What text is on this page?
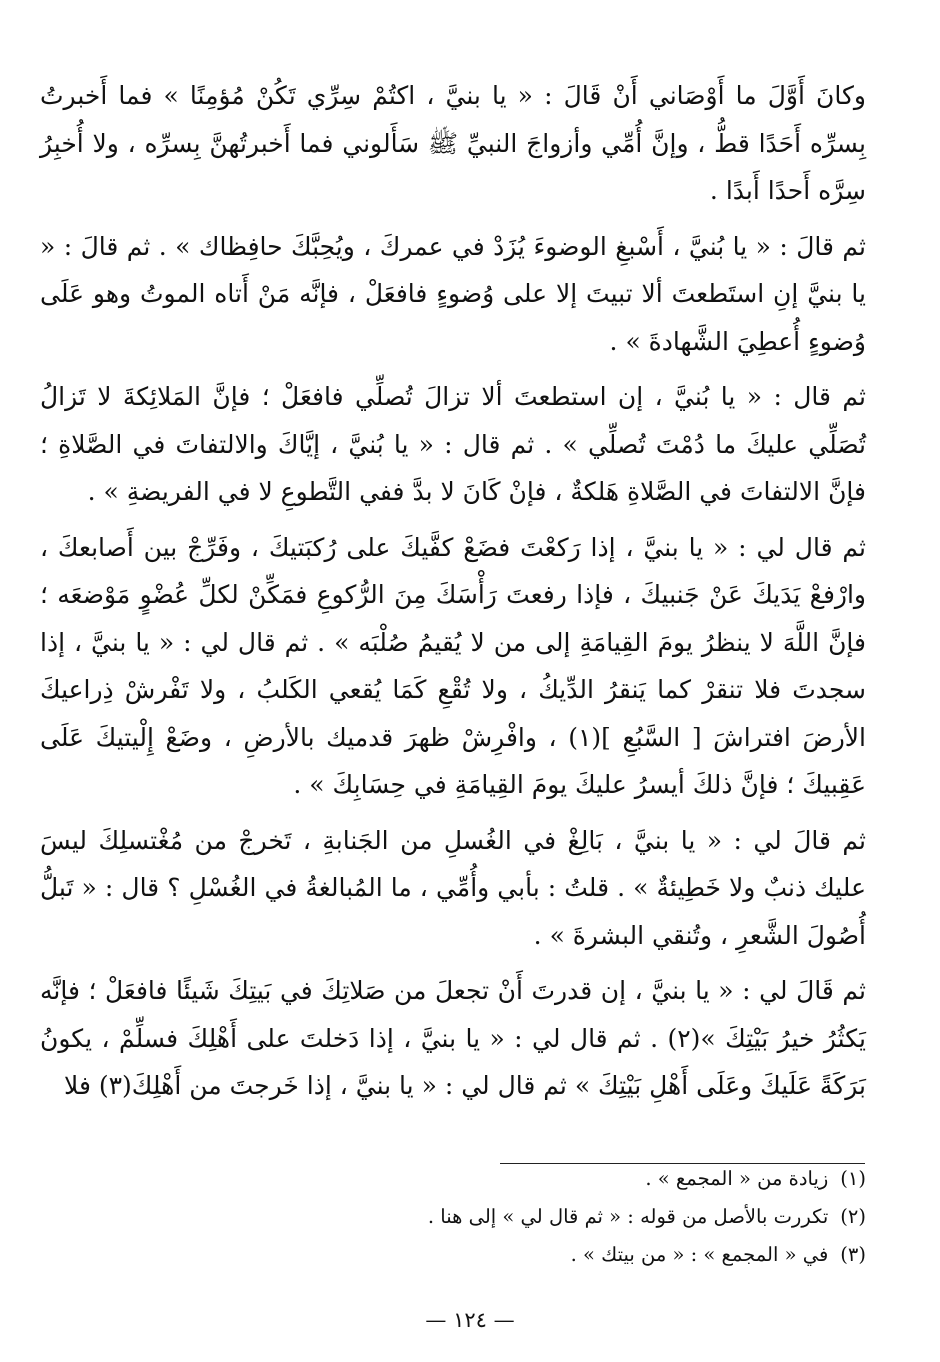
وكانَ أَوَّلَ ما أَوْصَاني أَنْ قَالَ : « يا بنيَّ ، اكتُمْ سِرِّي تَكُنْ مُؤمِنًا » فما أَخبرتُ بِسرِّه أَحَدًا قطُّ ، وإنَّ أُمِّي وأزواجَ النبيِّ ﷺ سَأَلوني فما أَخبرتُهنَّ بِسرِّه ، ولا أُخبِرُ سِرَّه أَحدًا أَبدًا .

ثم قالَ : « يا بُنيَّ ، أَسْبغِ الوضوءَ يُزَدْ في عمركَ ، ويُحِبَّكَ حافِظاك » . ثم قالَ : « يا بنيَّ إنِ استَطعتَ ألا تبيتَ إلا على وُضوءٍ فافعَلْ ، فإنَّه مَنْ أَتاه الموتُ وهو عَلَى وُضوءٍ أُعطِيَ الشَّهادةَ » .

ثم قال : « يا بُنيَّ ، إن استطعتَ ألا تزالَ تُصلِّي فافعَلْ ؛ فإنَّ المَلائِكةَ لا تَزالُ تُصَلِّي عليكَ ما دُمْتَ تُصلِّي » . ثم قال : « يا بُنيَّ ، إيَّاكَ والالتفاتَ في الصَّلاةِ ؛ فإنَّ الالتفاتَ في الصَّلاةِ هَلكةٌ ، فإنْ كَانَ لا بدَّ ففي التَّطوعِ لا في الفريضةِ » .

ثم قال لي : « يا بنيَّ ، إذا رَكعْتَ فضَعْ كفَّيكَ على رُكبَتيكَ ، وفَرِّجْ بين أَصابعكَ ، وارْفعْ يَدَيكَ عَنْ جَنبيكَ ، فإذا رفعتَ رَأْسَكَ مِنَ الرُّكوعِ فمَكِّنْ لكلِّ عُضْوٍ مَوْضعَه ؛ فإنَّ اللَّهَ لا ينظرُ يومَ القِيامَةِ إلى من لا يُقيمُ صُلْبَه » . ثم قال لي : « يا بنيَّ ، إذا سجدتَ فلا تنقرْ كما يَنقرُ الدِّيكُ ، ولا تُقْعِ كَمَا يُقعي الكَلبُ ، ولا تَفْرشْ ذِراعيكَ الأرضَ افتراشَ [ السَّبُعِ ](١) ، وافْرِشْ ظهرَ قدميك بالأرضِ ، وضَعْ إِلْيتيكَ عَلَى عَقِبيكَ ؛ فإنَّ ذلكَ أيسرُ عليكَ يومَ القِيامَةِ في حِسَابِكَ » .

ثم قالَ لي : « يا بنيَّ ، بَالِغْ في الغُسلِ من الجَنابةِ ، تَخرجْ من مُغْتسلِكَ ليسَ عليك ذنبٌ ولا خَطِيئةٌ » . قلتُ : بأبي وأُمِّي ، ما المُبالغةُ في الغُسْلِ ؟ قال : « تَبلُّ أُصُولَ الشَّعرِ ، وتُنقي البشرةَ » .

ثم قَالَ لي : « يا بنيَّ ، إن قدرتَ أَنْ تجعلَ من صَلاتِكَ في بَيتِكَ شَيئًا فافعَلْ ؛ فإنَّه يَكثُرُ خيرُ بَيْتِكَ »(٢) . ثم قال لي : « يا بنيَّ ، إذا دَخلتَ على أَهْلِكَ فسلِّمْ ، يكونُ بَرَكَةً عَلَيكَ وعَلَى أَهْلِ بَيْتِكَ » ثم قال لي : « يا بنيَّ ، إذا خَرجتَ من أَهْلِكَ(٣) فلا

(١)زيادة من « المجمع » .
(٢)تكررت بالأصل من قوله : « ثم قال لي » إلى هنا .
(٣)في « المجمع » : « من بيتك » .
— ١٢٤ —
